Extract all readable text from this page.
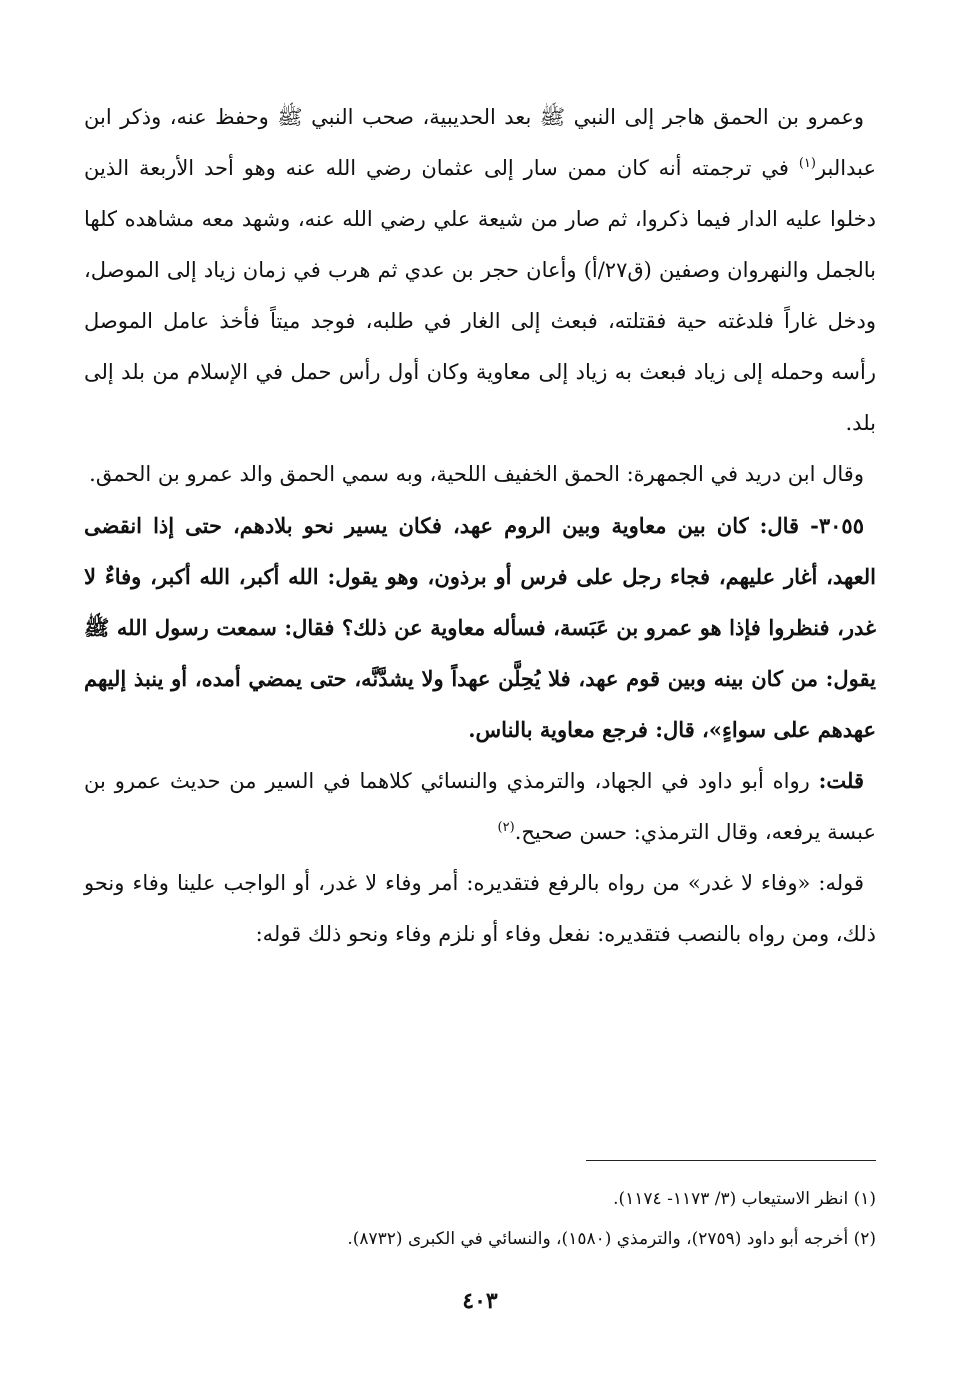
وعمرو بن الحمق هاجر إلى النبي ﷺ بعد الحديبية، صحب النبي ﷺ وحفظ عنه، وذكر ابن عبدالبر$^{(١)}$ في ترجمته أنه كان ممن سار إلى عثمان رضي الله عنه وهو أحد الأربعة الذين دخلوا عليه الدار فيما ذكروا، ثم صار من شيعة علي رضي الله عنه، وشهد معه مشاهده كلها بالجمل والنهروان وصفين (ق٢٧/أ) وأعان حجر بن عدي ثم هرب في زمان زياد إلى الموصل، ودخل غاراً فلدغته حية فقتلته، فبعث إلى الغار في طلبه، فوجد ميتاً فأخذ عامل الموصل رأسه وحمله إلى زياد فبعث به زياد إلى معاوية وكان أول رأس حمل في الإسلام من بلد إلى بلد.

وقال ابن دريد في الجمهرة: الحمق الخفيف اللحية، وبه سمي الحمق والد عمرو بن الحمق.

٣٠٥٥- قال: كان بين معاوية وبين الروم عهد، فكان يسير نحو بلادهم، حتى إذا انقضى العهد، أغار عليهم، فجاء رجل على فرس أو برذون، وهو يقول: الله أكبر، الله أكبر، وفاءٌ لا غدر، فنظروا فإذا هو عمرو بن عَبَسة، فسأله معاوية عن ذلك؟ فقال: سمعت رسول الله ﷺ يقول: من كان بينه وبين قوم عهد، فلا يُحِلَّن عهداً ولا يشدَّنَّه، حتى يمضي أمده، أو ينبذ إليهم عهدهم على سواءٍ»، قال: فرجع معاوية بالناس.

قلت: رواه أبو داود في الجهاد، والترمذي والنسائي كلاهما في السير من حديث عمرو بن عبسة يرفعه، وقال الترمذي: حسن صحيح.$^{(٢)}$

قوله: «وفاء لا غدر» من رواه بالرفع فتقديره: أمر وفاء لا غدر، أو الواجب علينا وفاء ونحو ذلك، ومن رواه بالنصب فتقديره: نفعل وفاء أو نلزم وفاء ونحو ذلك قوله:

(١) انظر الاستيعاب (٣/ ١١٧٣- ١١٧٤).

(٢) أخرجه أبو داود (٢٧٥٩)، والترمذي (١٥٨٠)، والنسائي في الكبرى (٨٧٣٢).

٤٠٣
